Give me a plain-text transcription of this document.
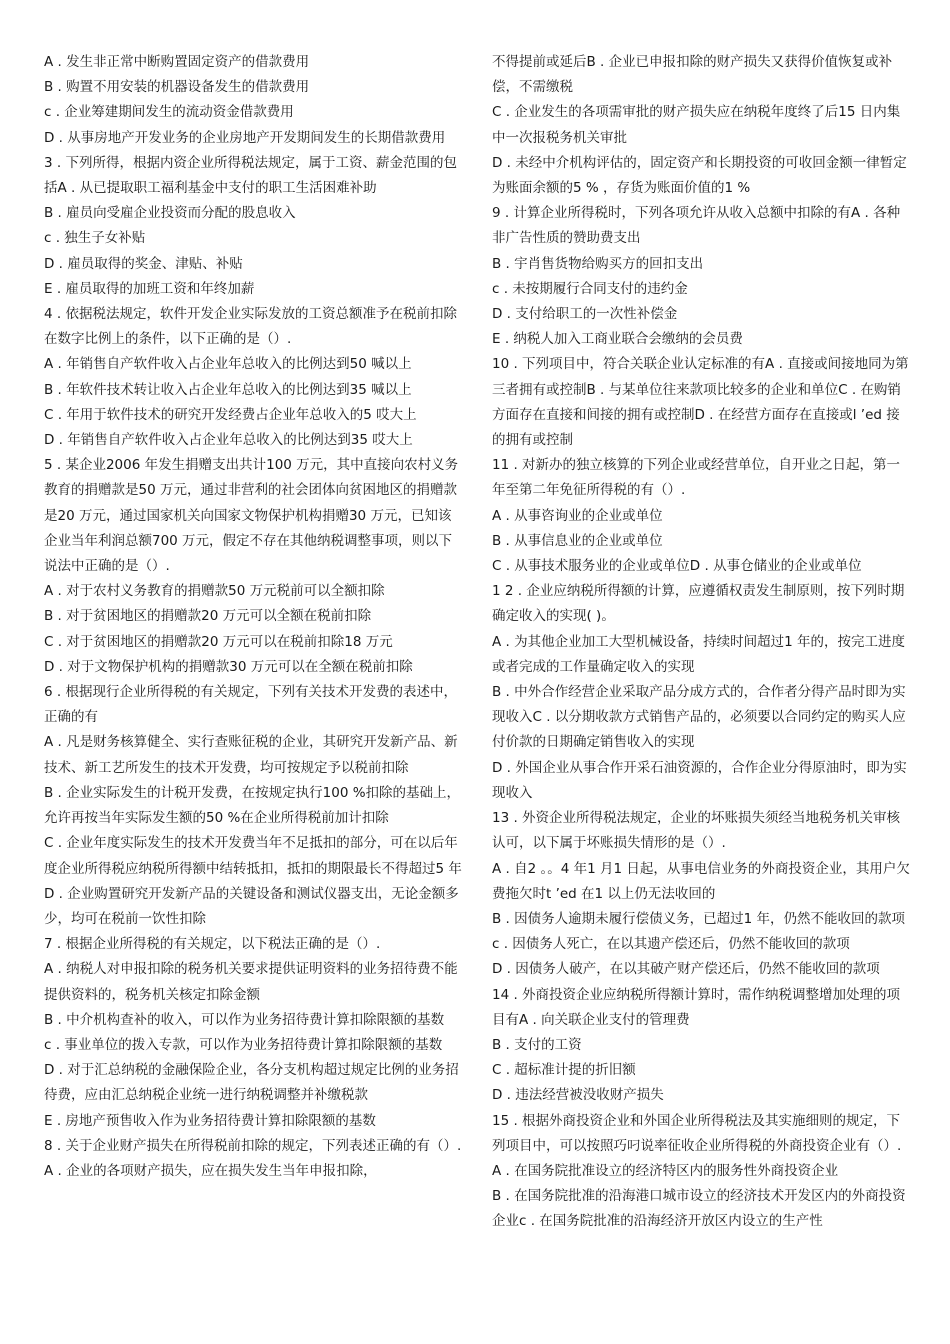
A . 发生非正常中断购置固定资产的借款费用

B . 购置不用安装的机器设备发生的借款费用

c . 企业筹建期间发生的流动资金借款费用

D . 从事房地产开发业务的企业房地产开发期间发生的长期借款费用

3 . 下列所得，根据内资企业所得税法规定，属于工资、薪金范围的包括A . 从已提取职工福利基金中支付的职工生活困难补助

B . 雇员向受雇企业投资而分配的股息收入

c . 独生子女补贴

D . 雇员取得的奖金、津贴、补贴

E . 雇员取得的加班工资和年终加薪

4 . 依据税法规定，软件开发企业实际发放的工资总额准予在税前扣除在数字比例上的条件，以下正确的是（）.

A . 年销售自产软件收入占企业年总收入的比例达到50 喊以上

B . 年软件技术转让收入占企业年总收入的比例达到35 喊以上

C . 年用于软件技术的研究开发经费占企业年总收入的5 哎大上

D . 年销售自产软件收入占企业年总收入的比例达到35 哎大上

5 . 某企业2006 年发生捐赠支出共计100 万元，其中直接向农村义务教育的捐赠款是50 万元，通过非营利的社会团体向贫困地区的捐赠款是20 万元，通过国家机关向国家文物保护机构捐赠30 万元，已知该企业当年利润总额700 万元，假定不存在其他纳税调整事项，则以下说法中正确的是（）.

A . 对于农村义务教育的捐赠款50 万元税前可以全额扣除

B . 对于贫困地区的捐赠款20 万元可以全额在税前扣除

C . 对于贫困地区的捐赠款20 万元可以在税前扣除18 万元

D . 对于文物保护机构的捐赠款30 万元可以在全额在税前扣除

6 . 根据现行企业所得税的有关规定，下列有关技术开发费的表述中，正确的有

A . 凡是财务核算健全、实行查账征税的企业，其研究开发新产品、新技术、新工艺所发生的技术开发费，均可按规定予以税前扣除

B . 企业实际发生的计税开发费，在按规定执行100 %扣除的基础上，允许再按当年实际发生额的50 %在企业所得税前加计扣除

C . 企业年度实际发生的技术开发费当年不足抵扣的部分，可在以后年度企业所得税应纳税所得额中结转抵扣，抵扣的期限最长不得超过5 年

D . 企业购置研究开发新产品的关键设备和测试仪器支出，无论金额多少，均可在税前一饮性扣除

7 . 根据企业所得税的有关规定，以下税法正确的是（）.

A . 纳税人对申报扣除的税务机关要求提供证明资料的业务招待费不能提供资料的，税务机关核定扣除金额

B . 中介机构查补的收入，可以作为业务招待费计算扣除限额的基数

c . 事业单位的拨入专款，可以作为业务招待费计算扣除限额的基数

D . 对于汇总纳税的金融保险企业，各分支机构超过规定比例的业务招待费，应由汇总纳税企业统一进行纳税调整并补缴税款

E . 房地产预售收入作为业务招待费计算扣除限额的基数

8 . 关于企业财产损失在所得税前扣除的规定，下列表述正确的有（）. A . 企业的各项财产损失，应在损失发生当年申报扣除，

不得提前或延后B . 企业已申报扣除的财产损失又获得价值恢复或补偿，不需缴税

C . 企业发生的各项需审批的财产损失应在纳税年度终了后15 日内集中一次报税务机关审批

D . 未经中介机构评估的，固定资产和长期投资的可收回金额一律暂定为账面余额的5 % ，存货为账面价值的1 %

9 . 计算企业所得税时，下列各项允许从收入总额中扣除的有A . 各种非广告性质的赞助费支出

B . 宇肖售货物给购买方的回扣支出

c . 未按期履行合同支付的违约金

D . 支付给职工的一次性补偿金

E . 纳税人加入工商业联合会缴纳的会员费

10 . 下列项目中，符合关联企业认定标准的有A . 直接或间接地同为第三者拥有或控制B . 与某单位往来款项比较多的企业和单位C . 在购销方面存在直接和间接的拥有或控制D . 在经营方面存在直接或l ’ed 接的拥有或控制

11 . 对新办的独立核算的下列企业或经营单位，自开业之日起，第一年至第二年免征所得税的有（）.

A . 从事咨询业的企业或单位

B . 从事信息业的企业或单位

C . 从事技术服务业的企业或单位D . 从事仓储业的企业或单位

1 2 . 企业应纳税所得额的计算，应遵循权责发生制原则，按下列时期确定收入的实现( )。

A . 为其他企业加工大型机械设备，持续时间超过1 年的，按完工进度或者完成的工作量确定收入的实现

B . 中外合作经营企业采取产品分成方式的，合作者分得产品时即为实现收入C . 以分期收款方式销售产品的，必须要以合同约定的购买人应付价款的日期确定销售收入的实现

D . 外国企业从事合作开采石油资源的，合作企业分得原油时，即为实现收入

13 . 外资企业所得税法规定，企业的坏账损失须经当地税务机关审核认可，以下属于坏账损失情形的是（）.

A . 自2 。。4 年1 月1 日起，从事电信业务的外商投资企业，其用户欠费拖欠时t ’ed 在1 以上仍无法收回的

B . 因债务人逾期未履行偿债义务，已超过1 年，仍然不能收回的款项

c . 因债务人死亡，在以其遗产偿还后，仍然不能收回的款项

D . 因债务人破产，在以其破产财产偿还后，仍然不能收回的款项

14 . 外商投资企业应纳税所得额计算时，需作纳税调整增加处理的项目有A . 向关联企业支付的管理费

B . 支付的工资

C . 超标准计提的折旧额

D . 违法经营被没收财产损失

15 . 根据外商投资企业和外国企业所得税法及其实施细则的规定，下列项目中，可以按照巧叼说率征收企业所得税的外商投资企业有（）.

A . 在国务院批准设立的经济特区内的服务性外商投资企业

B . 在国务院批准的沿海港口城市设立的经济技术开发区内的外商投资企业c . 在国务院批准的沿海经济开放区内设立的生产性
